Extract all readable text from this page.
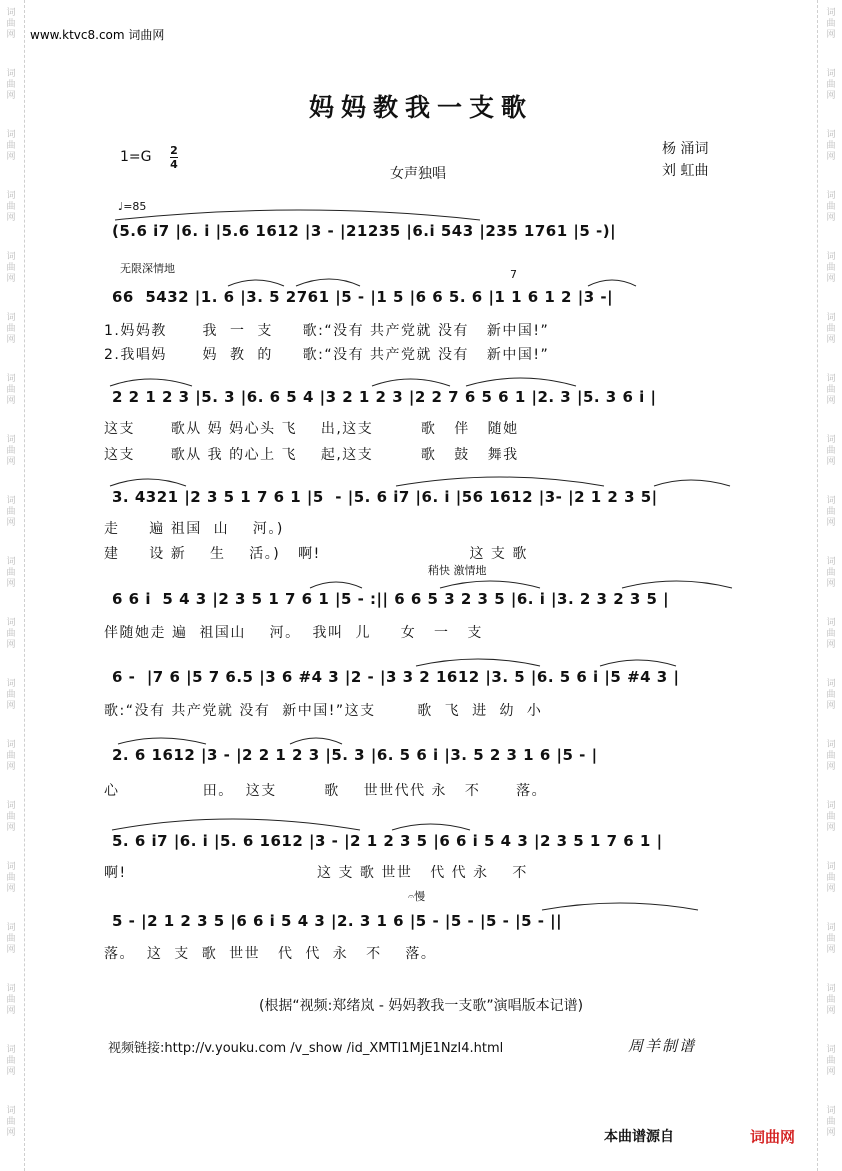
词
曲
网
词
曲
网
词
曲
网
词
曲
网
词
曲
网
词
曲
网
词
曲
网
词
曲
网
词
曲
网
词
曲
网
词
曲
网
词
曲
网
词
曲
网
词
曲
网
词
曲
网
词
曲
网
词
曲
网
词
曲
网
词
曲
网
词
曲
网
词
曲
网
词
曲
网
词
曲
网
词
曲
网
词
曲
网
词
曲
网
词
曲
网
词
曲
网
词
曲
网
词
曲
网
词
曲
网
词
曲
网
词
曲
网
词
曲
网
词
曲
网
词
曲
网
词
曲
网
词
曲
网
www.ktvc8.com 词曲网
妈妈教我一支歌
1=G 2
4
女声独唱
杨 涌词
刘 虹曲
♩=85
无限深情地
稍快 激情地
7
𝄐慢
(5.6 i7 |6. i |5.6 1612 |3 - |21235 |6.i 543 |235 1761 |5 -)|
66  5432 |1. 6 |3. 5 2761 |5 - |1 5 |6 6 5. 6 |1 1 6 1 2 |3 -|
2 2 1 2 3 |5. 3 |6. 6 5 4 |3 2 1 2 3 |2 2 7 6 5 6 1 |2. 3 |5. 3 6 i |
3. 4321 |2 3 5 1 7 6 1 |5  - |5. 6 i7 |6. i |56 1612 |3- |2 1 2 3 5|
6 6 i  5 4 3 |2 3 5 1 7 6 1 |5 - :|| 6 6 5 3 2 3 5 |6. i |3. 2 3 2 3 5 |
6 -  |7 6 |5 7 6.5 |3 6 #4 3 |2 - |3 3 2 1612 |3. 5 |6. 5 6 i |5 #4 3 |
2. 6 1612 |3 - |2 2 1 2 3 |5. 3 |6. 5 6 i |3. 5 2 3 1 6 |5 - |
5. 6 i7 |6. i |5. 6 1612 |3 - |2 1 2 3 5 |6 6 i 5 4 3 |2 3 5 1 7 6 1 |
5 - |2 1 2 3 5 |6 6 i 5 4 3 |2. 3 1 6 |5 - |5 - |5 - |5 - ||
1.妈妈教      我  一  支     歌:“没有 共产党就 没有   新中国!”
2.我唱妈      妈  教  的     歌:“没有 共产党就 没有   新中国!”
这支      歌从 妈 妈心头 飞    出,这支        歌   伴   随她
这支      歌从 我 的心上 飞    起,这支        歌   鼓   舞我
走     遍 祖国  山    河。)
建     设 新    生    活。)   啊!                         这 支 歌
伴随她走 遍  祖国山    河。  我叫  儿     女   一   支
歌:“没有 共产党就 没有  新中国!”这支       歌  飞  进  幼  小
心              田。  这支        歌    世世代代 永   不      落。
啊!                                这 支 歌 世世   代 代 永    不
落。  这  支  歌  世世   代  代  永   不    落。
(根据“视频:郑绪岚 - 妈妈教我一支歌”演唱版本记谱)
视频链接:http://v.youku.com /v_show /id_XMTI1MjE1NzI4.html	周羊制谱
本曲谱源自	词曲网
